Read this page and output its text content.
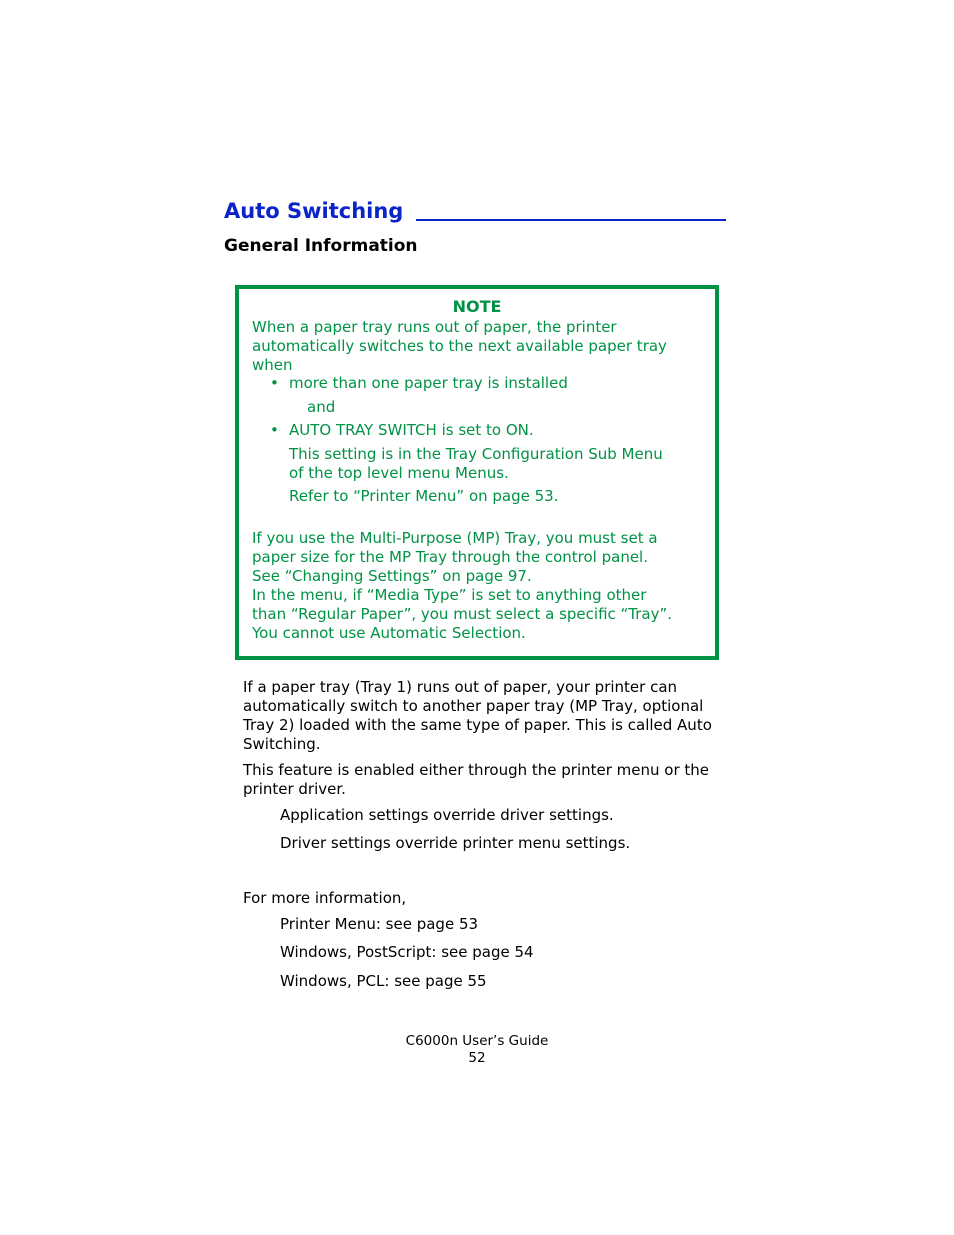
Auto Switching
General Information
NOTE
When a paper tray runs out of paper, the printer
automatically switches to the next available paper tray
when
• more than one paper tray is installed
and
• AUTO TRAY SWITCH is set to ON.
This setting is in the Tray Configuration Sub Menu
of the top level menu Menus.
Refer to “Printer Menu” on page 53.
If you use the Multi-Purpose (MP) Tray, you must set a
paper size for the MP Tray through the control panel.
See “Changing Settings” on page 97.
In the menu, if “Media Type” is set to anything other
than “Regular Paper”, you must select a specific “Tray”.
You cannot use Automatic Selection.
If a paper tray (Tray 1) runs out of paper, your printer can
automatically switch to another paper tray (MP Tray, optional
Tray 2) loaded with the same type of paper. This is called Auto
Switching.
This feature is enabled either through the printer menu or the
printer driver.
Application settings override driver settings.
Driver settings override printer menu settings.
For more information,
Printer Menu: see page 53
Windows, PostScript: see page 54
Windows, PCL: see page 55
C6000n User’s Guide
52
